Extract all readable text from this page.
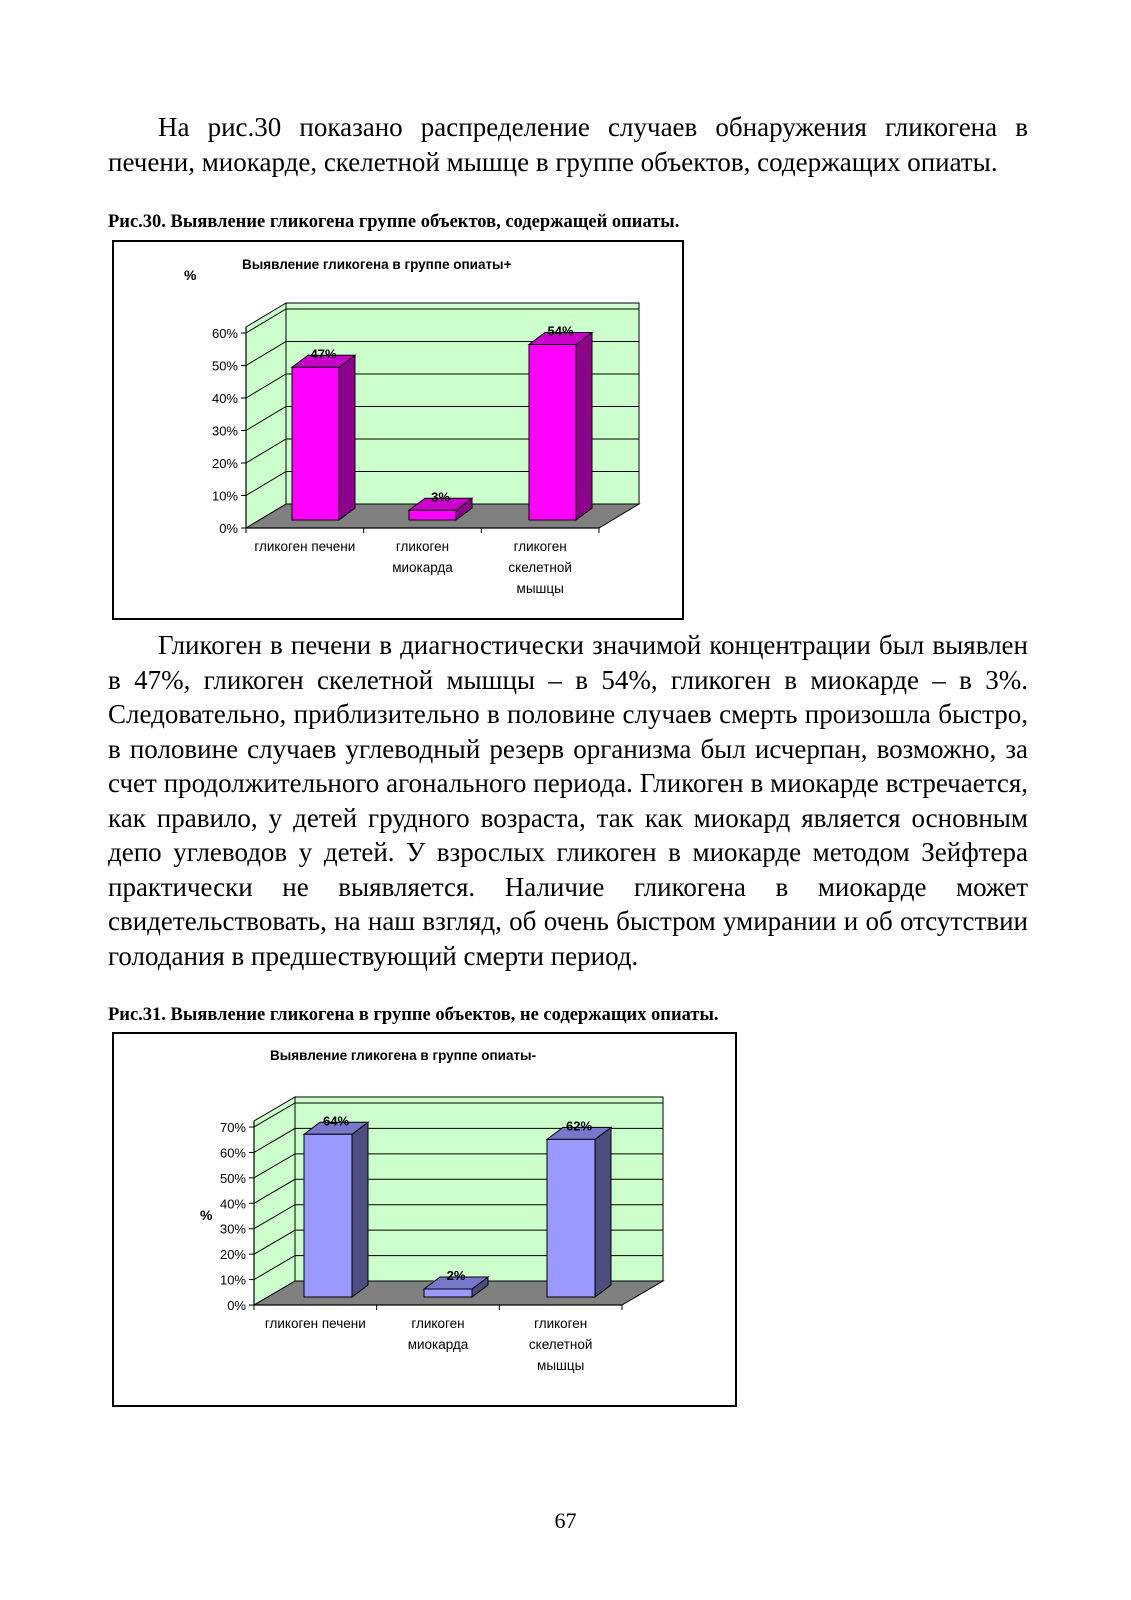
На рис.30 показано распределение случаев обнаружения гликогена в печени, миокарде, скелетной мышце в группе объектов, содержащих опиаты.

Рис.30. Выявление гликогена группе объектов, содержащей опиаты.
0%
10%
20%
30%
40%
50%
60%
47%
3%
54%
гликоген печени	гликоген
миокарда
гликоген
скелетной
мышцы
Выявление гликогена в группе опиаты+
%

Гликоген в печени в диагностически значимой концентрации был выявлен в 47%, гликоген скелетной мышцы – в 54%, гликоген в миокарде – в 3%. Следовательно, приблизительно в половине случаев смерть произошла быстро, в половине случаев углеводный резерв организма был исчерпан, возможно, за счет продолжительного агонального периода. Гликоген в миокарде встречается, как правило, у детей грудного возраста, так как миокард является основным депо углеводов у детей. У взрослых гликоген в миокарде методом Зейфтера практически не выявляется. Наличие гликогена в миокарде может свидетельствовать, на наш взгляд, об очень быстром умирании и об отсутствии голодания в предшествующий смерти период.

Рис.31. Выявление гликогена в группе объектов, не содержащих опиаты.
0%
10%
20%
30%
40%
50%
60%
70%	64%
2%
62%
гликоген печени	гликоген
миокарда
гликоген
скелетной
мышцы
Выявление гликогена в группе опиаты-
%
67
